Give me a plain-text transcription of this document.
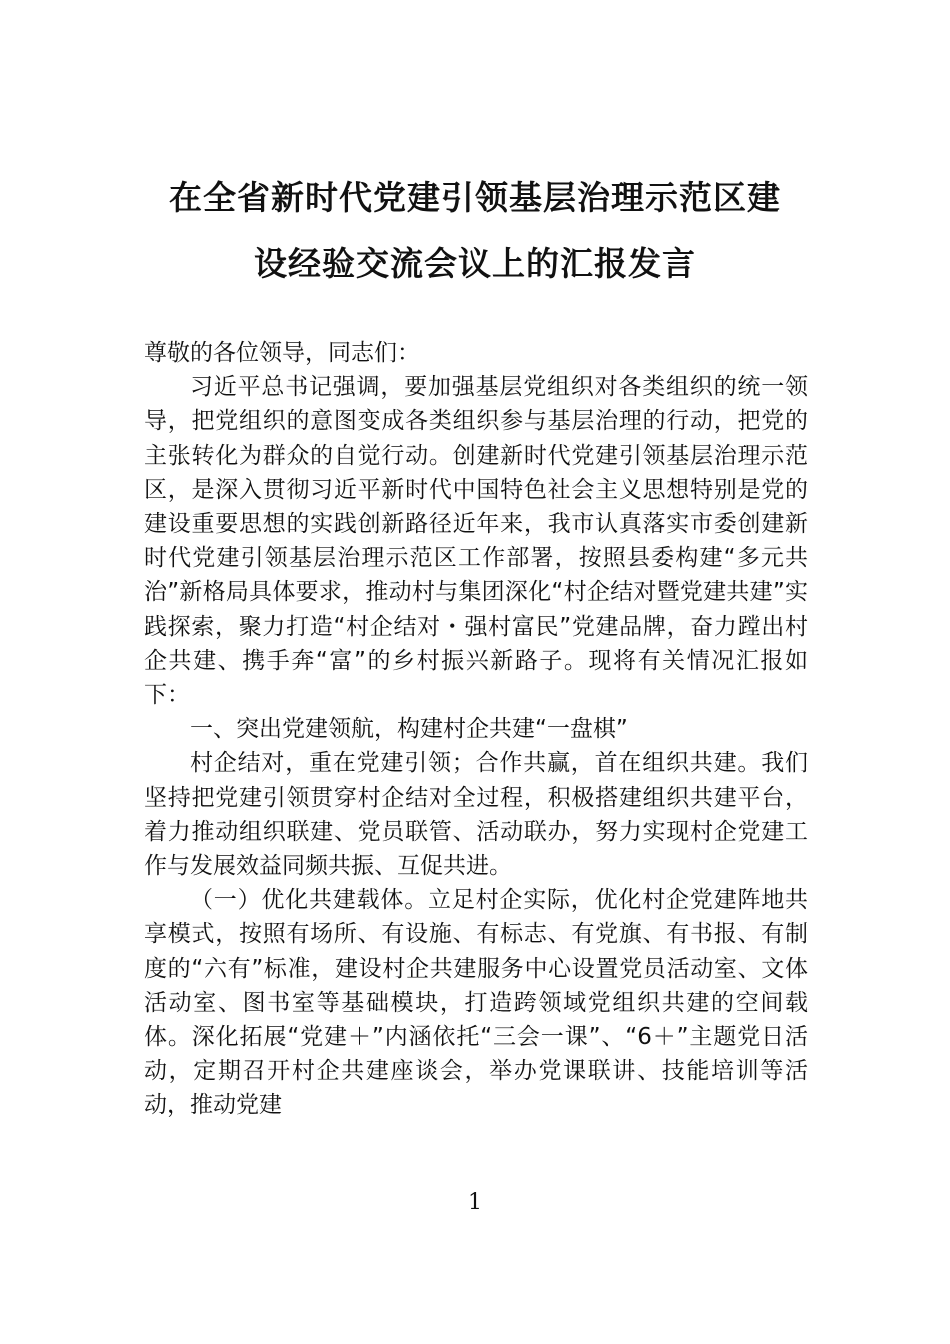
在全省新时代党建引领基层治理示范区建
设经验交流会议上的汇报发言

尊敬的各位领导，同志们：

习近平总书记强调，要加强基层党组织对各类组织的统一领导，把党组织的意图变成各类组织参与基层治理的行动，把党的主张转化为群众的自觉行动。创建新时代党建引领基层治理示范区，是深入贯彻习近平新时代中国特色社会主义思想特别是党的建设重要思想的实践创新路径近年来，我市认真落实市委创建新时代党建引领基层治理示范区工作部署，按照县委构建“多元共治”新格局具体要求，推动村与集团深化“村企结对暨党建共建”实践探索，聚力打造“村企结对・强村富民”党建品牌，奋力蹚出村企共建、携手奔“富”的乡村振兴新路子。现将有关情况汇报如下：

一、突出党建领航，构建村企共建“一盘棋”

村企结对，重在党建引领；合作共赢，首在组织共建。我们坚持把党建引领贯穿村企结对全过程，积极搭建组织共建平台，着力推动组织联建、党员联管、活动联办，努力实现村企党建工作与发展效益同频共振、互促共进。

（一）优化共建载体。立足村企实际，优化村企党建阵地共享模式，按照有场所、有设施、有标志、有党旗、有书报、有制度的“六有”标准，建设村企共建服务中心设置党员活动室、文体活动室、图书室等基础模块，打造跨领域党组织共建的空间载体。深化拓展“党建＋”内涵依托“三会一课”、“6＋”主题党日活动，定期召开村企共建座谈会，举办党课联讲、技能培训等活动，推动党建

1
